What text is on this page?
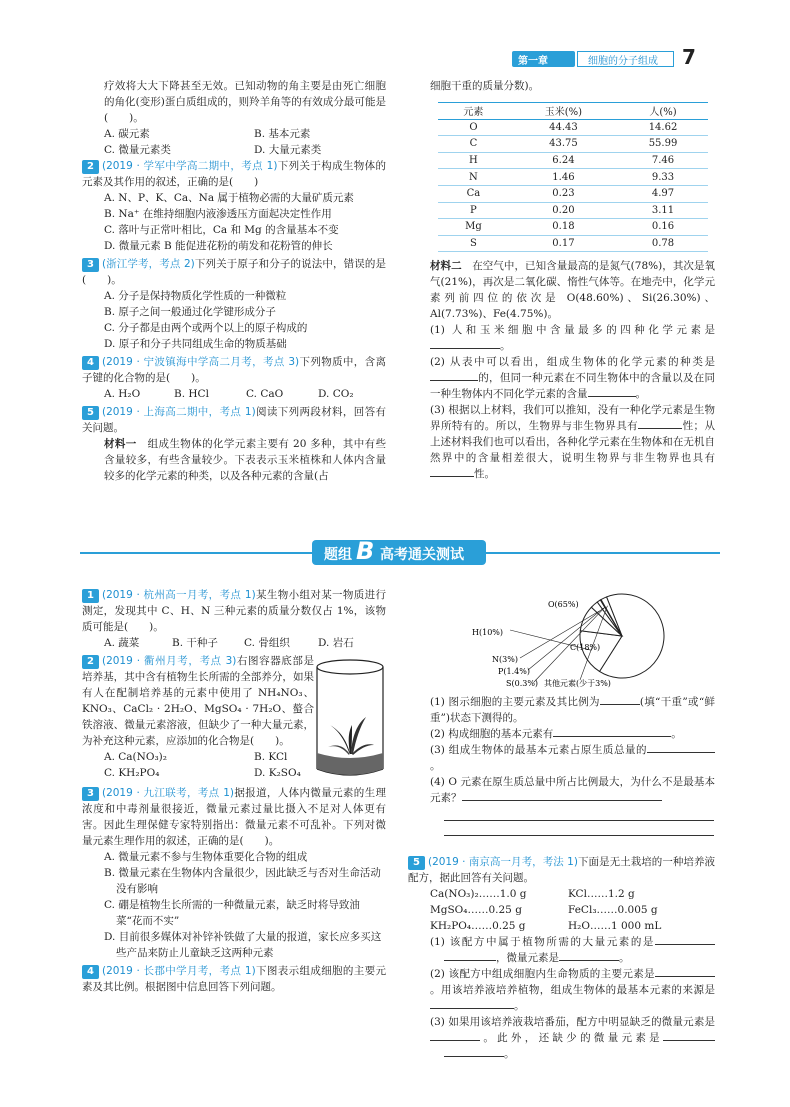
第一章	细胞的分子组成 7

疗效将大大下降甚至无效。已知动物的角主要是由死亡细胞的角化(变形)蛋白质组成的，则羚羊角等的有效成分最可能是(　　)。

A. 碳元素	B. 基本元素
C. 微量元素类	D. 大量元素类

2 (2019 · 学军中学高二期中，考点 1)下列关于构成生物体的元素及其作用的叙述，正确的是(　　)

A. N、P、K、Ca、Na 属于植物必需的大量矿质元素
B. Na⁺ 在维持细胞内液渗透压方面起决定性作用
C. 落叶与正常叶相比，Ca 和 Mg 的含量基本不变
D. 微量元素 B 能促进花粉的萌发和花粉管的伸长

3 (浙江学考，考点 2)下列关于原子和分子的说法中，错误的是(　　)。

A. 分子是保持物质化学性质的一种微粒
B. 原子之间一般通过化学键形成分子
C. 分子都是由两个或两个以上的原子构成的
D. 原子和分子共同组成生命的物质基础

4 (2019 · 宁波镇海中学高二月考，考点 3)下列物质中，含离子键的化合物的是(　　)。

A. H₂O	B. HCl	C. CaO	D. CO₂

5 (2019 · 上海高二期中，考点 1)阅读下列两段材料，回答有关问题。

材料一　 组成生物体的化学元素主要有 20 多种，其中有些含量较多，有些含量较少。下表表示玉米植株和人体内含量较多的化学元素的种类，以及各种元素的含量(占

细胞干重的质量分数)。

元素	玉米(%)	人(%)
O	44.43	14.62
C	43.75	55.99
H	6.24	7.46
N	1.46	9.33
Ca	0.23	4.97
P	0.20	3.11
Mg	0.18	0.16
S	0.17	0.78

材料二　 在空气中，已知含量最高的是氮气(78%)，其次是氧气(21%)，再次是二氧化碳、惰性气体等。在地壳中，化学元素列前四位的依次是 O(48.60%)、Si(26.30%)、Al(7.73%)、Fe(4.75%)。

(1) 人和玉米细胞中含量最多的四种化学元素是。

(2) 从表中可以看出，组成生物体的化学元素的种类是的，但同一种元素在不同生物体中的含量以及在同一种生物体内不同化学元素的含量	。

(3) 根据以上材料，我们可以推知，没有一种化学元素是生物界所特有的。所以，生物界与非生物界具有	性；从上述材料我们也可以看出，各种化学元素在生物体和在无机自然界中的含量相差很大，说明生物界与非生物界也具有性。

题组 B 高考通关测试

1 (2019 · 杭州高一月考，考点 1)某生物小组对某一物质进行测定，发现其中 C、H、N 三种元素的质量分数仅占 1%，该物质可能是(　　)。

A. 蔬菜	B. 干种子	C. 骨组织	D. 岩石

2 (2019 · 衢州月考，考点 3)右图容器底部是培养基，其中含有植物生长所需的全部养分，如果有人在配制培养基的元素中使用了 NH₄NO₃、KNO₃、CaCl₂ · 2H₂O、MgSO₄ · 7H₂O、螯合铁溶液、微量元素溶液，但缺少了一种大量元素，为补充这种元素，应添加的化合物是(　　)。

A. Ca(NO₃)₂	B. KCl
C. KH₂PO₄	D. K₂SO₄

3 (2019 · 九江联考，考点 1)据报道，人体内微量元素的生理浓度和中毒剂量很接近，微量元素过量比摄入不足对人体更有害。因此生理保健专家特别指出：微量元素不可乱补。下列对微量元素生理作用的叙述，正确的是(　　)。

A. 微量元素不参与生物体重要化合物的组成
B. 微量元素在生物体内含量很少，因此缺乏与否对生命活动没有影响
C. 硼是植物生长所需的一种微量元素，缺乏时将导致油菜“花而不实”
D. 目前很多媒体对补锌补铁做了大量的报道，家长应多买这些产品来防止儿童缺乏这两种元素

4 (2019 · 长郡中学月考，考点 1)下图表示组成细胞的主要元素及其比例。根据图中信息回答下列问题。

O(65%)
H(10%)
C(18%)
N(3%)
P(1.4%)
S(0.3%) 其他元素(少于3%)

(1) 图示细胞的主要元素及其比例为	(填“干重”或“鲜重”)状态下测得的。

(2) 构成细胞的基本元素有	。

(3) 组成生物体的最基本元素占原生质总量的。

(4) O 元素在原生质总量中所占比例最大，为什么不是最基本元素？

5 (2019 · 南京高一月考，考法 1)下面是无土栽培的一种培养液配方，据此回答有关问题。

Ca(NO₃)₂……1.0 g	KCl……1.2 g
MgSO₄……0.25 g	FeCl₃……0.005 g
KH₂PO₄……0.25 g	H₂O……1 000 mL

(1) 该配方中属于植物所需的大量元素的是，微量元素是	。

(2) 该配方中组成细胞内生命物质的主要元素是。用该培养液培养植物，组成生物体的最基本元素的来源是。

(3) 如果用该培养液栽培番茄，配方中明显缺乏的微量元素是。此外，还缺少的微量元素是。
